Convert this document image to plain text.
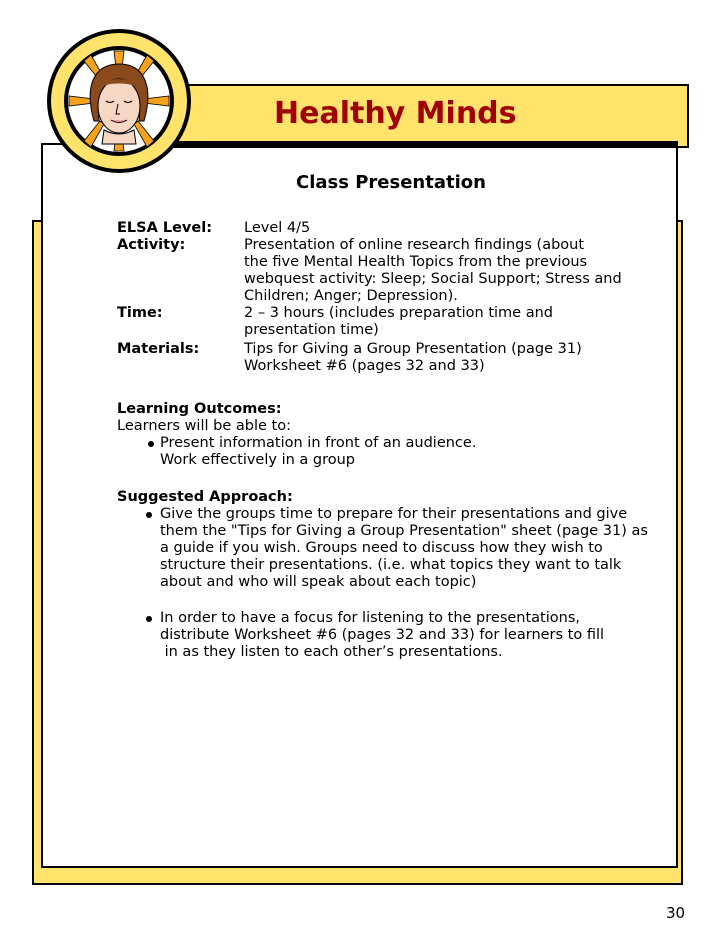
Healthy Minds
Class Presentation
ELSA Level: Level 4/5
Activity:	Presentation of online research findings (about
the five Mental Health Topics from the previous
webquest activity: Sleep; Social Support; Stress and
Children; Anger; Depression).
Time:	2 – 3 hours (includes preparation time and
presentation time)
Materials:	Tips for Giving a Group Presentation (page 31)
Worksheet #6 (pages 32 and 33)
Learning Outcomes:
Learners will be able to:
Present information in front of an audience.
Work effectively in a group
Suggested Approach:
Give the groups time to prepare for their presentations and give
them the "Tips for Giving a Group Presentation" sheet (page 31) as
a guide if you wish. Groups need to discuss how they wish to
structure their presentations. (i.e. what topics they want to talk
about and who will speak about each topic)
In order to have a focus for listening to the presentations,
distribute Worksheet #6 (pages 32 and 33) for learners to fill
in as they listen to each other’s presentations.
30
